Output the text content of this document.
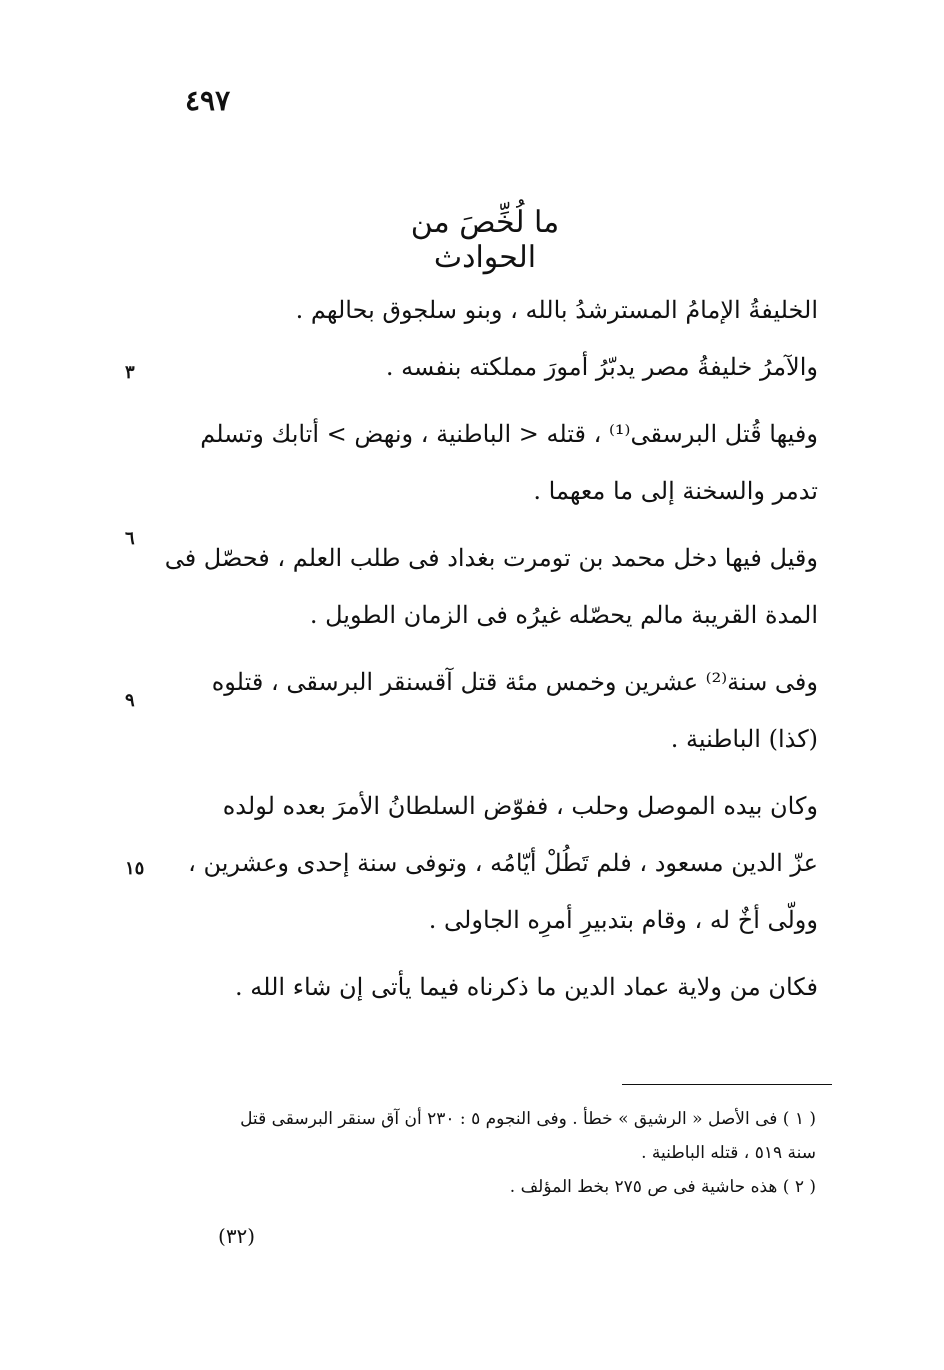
٤٩٧
ما لُخِّصَ من الحوادث
الخليفةُ الإمامُ المسترشدُ بالله ، وبنو سلجوق بحالهم .
والآمرُ خليفةُ مصر يدبّرُ أمورَ مملكته بنفسه .
وفيها قُتل البرسقى⁽¹⁾ ، قتله < الباطنية ، ونهض > أتابك وتسلم
تدمر والسخنة إلى ما معهما .
وقيل فيها دخل محمد بن تومرت بغداد فى طلب العلم ، فحصّل فى
المدة القريبة مالم يحصّله غيرُه فى الزمان الطويل .
وفى سنة⁽²⁾ عشرين وخمس مئة قتل آقسنقر البرسقى ، قتلوه
(كذا) الباطنية .
وكان بيده الموصل وحلب ، ففوّض السلطانُ الأمرَ بعده لولده
عزّ الدين مسعود ، فلم تَطُلْ أيّامُه ، وتوفى سنة إحدى وعشرين ،
وولّى أخٌ له ، وقام بتدبيرِ أمرِه الجاولى .
فكان من ولاية عماد الدين ما ذكرناه فيما يأتى إن شاء الله .
٣
٦
٩
١٥
( ١ ) فى الأصل « الرشيق » خطأ . وفى النجوم ٥ : ٢٣٠ أن آق سنقر البرسقى قتل
سنة ٥١٩ ، قتله الباطنية .
( ٢ ) هذه حاشية فى ص ٢٧٥ بخط المؤلف .
(٣٢)
